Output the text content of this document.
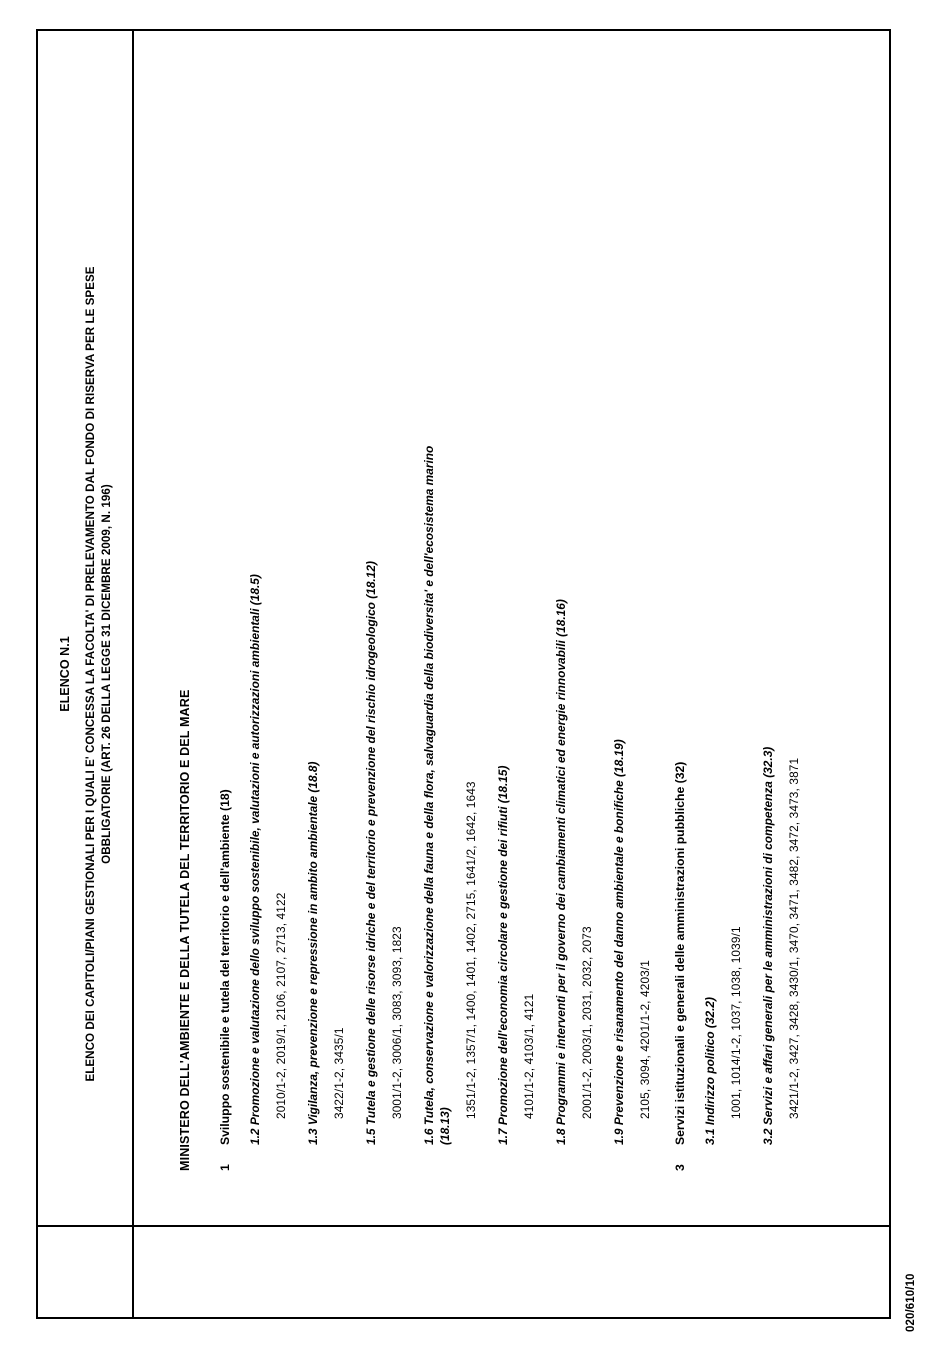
020/610/10
ELENCO N.1 ELENCO DEI CAPITOLI/PIANI GESTIONALI PER I QUALI E' CONCESSA LA FACOLTA' DI PRELEVAMENTO DAL FONDO DI RISERVA PER LE SPESE OBBLIGATORIE (ART. 26 DELLA LEGGE 31 DICEMBRE 2009, N. 196)
MINISTERO DELL'AMBIENTE E DELLA TUTELA DEL TERRITORIO E DEL MARE 1
Sviluppo sostenibile e tutela del territorio e dell'ambiente (18) 1.2 Promozione e valutazione dello sviluppo sostenibile, valutazioni e autorizzazioni ambientali (18.5) 2010/1-2, 2019/1, 2106, 2107, 2713, 4122 1.3 Vigilanza, prevenzione e repressione in ambito ambientale (18.8) 3422/1-2, 3435/1 1.5 Tutela e gestione delle risorse idriche e del territorio e prevenzione del rischio idrogeologico (18.12) 3001/1-2, 3006/1, 3083, 3093, 1823 1.6 Tutela, conservazione e valorizzazione della fauna e della flora, salvaguardia della biodiversita' e dell'ecosistema marino (18.13)
1351/1-2, 1357/1, 1400, 1401, 1402, 2715, 1641/2, 1642, 1643 1.7 Promozione dell'economia circolare e gestione dei rifiuti (18.15) 4101/1-2, 4103/1, 4121 1.8 Programmi e interventi per il governo dei cambiamenti climatici ed energie rinnovabili (18.16) 2001/1-2, 2003/1, 2031, 2032, 2073 1.9 Prevenzione e risanamento del danno ambientale e bonifiche (18.19) 2105, 3094, 4201/1-2, 4203/1
3
Servizi istituzionali e generali delle amministrazioni pubbliche (32) 3.1 Indirizzo politico (32.2) 1001, 1014/1-2, 1037, 1038, 1039/1 3.2 Servizi e affari generali per le amministrazioni di competenza (32.3) 3421/1-2, 3427, 3428, 3430/1, 3470, 3471, 3482, 3472, 3473, 3871
